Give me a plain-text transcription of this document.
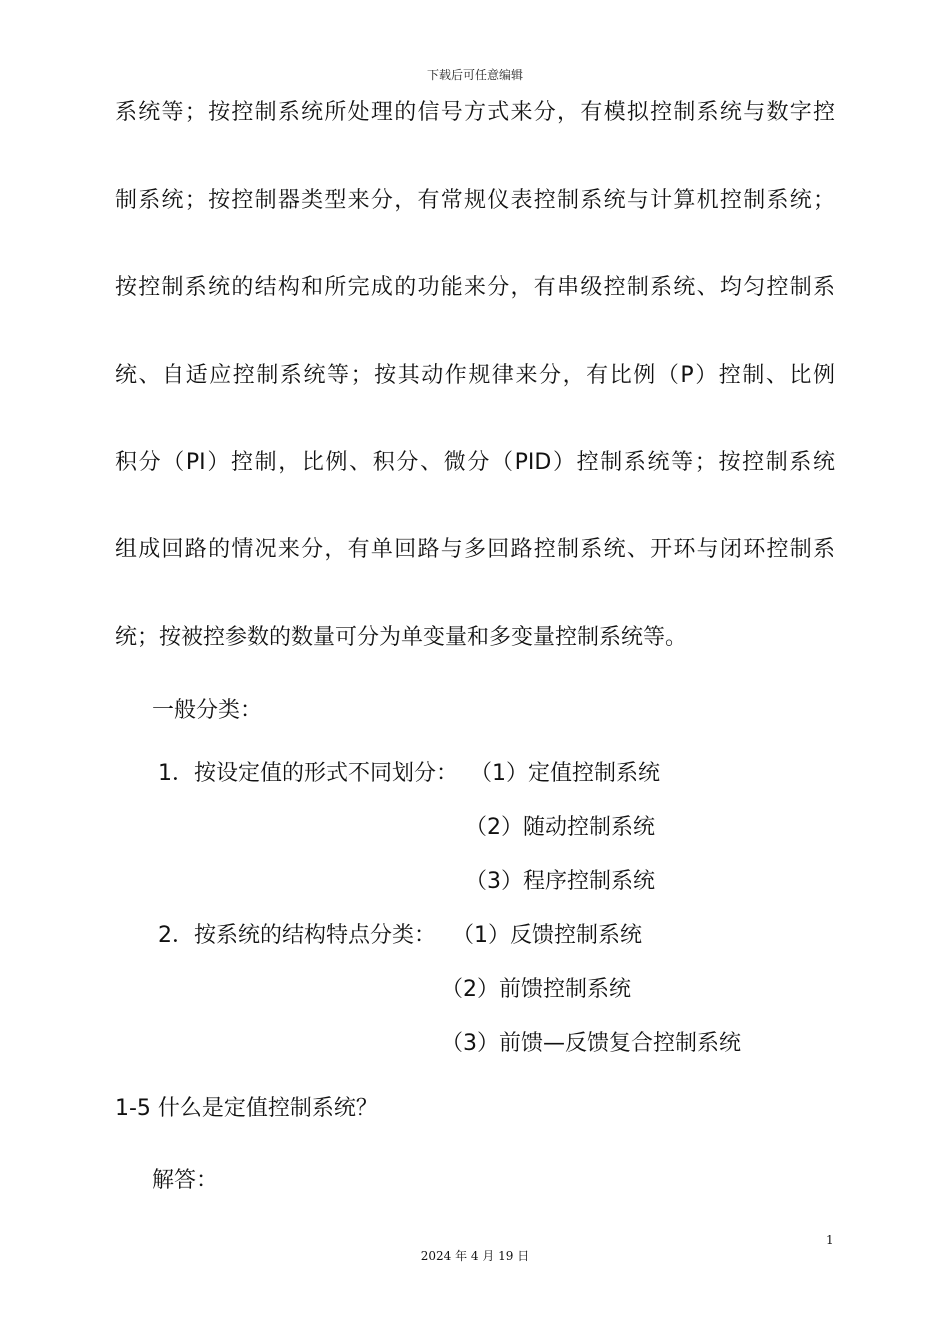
下载后可任意编辑
系统等；按控制系统所处理的信号方式来分，有模拟控制系统与数字控
制系统；按控制器类型来分，有常规仪表控制系统与计算机控制系统；
按控制系统的结构和所完成的功能来分，有串级控制系统、均匀控制系
统、自适应控制系统等；按其动作规律来分，有比例（P）控制、比例
积分（PI）控制，比例、积分、微分（PID）控制系统等；按控制系统
组成回路的情况来分，有单回路与多回路控制系统、开环与闭环控制系
统；按被控参数的数量可分为单变量和多变量控制系统等。
一般分类：
1．按设定值的形式不同划分： （1）定值控制系统
（2）随动控制系统
（3）程序控制系统
2．按系统的结构特点分类： （1）反馈控制系统
（2）前馈控制系统
（3）前馈—反馈复合控制系统
1-5 什么是定值控制系统？
解答：
1
2024 年 4 月 19 日
